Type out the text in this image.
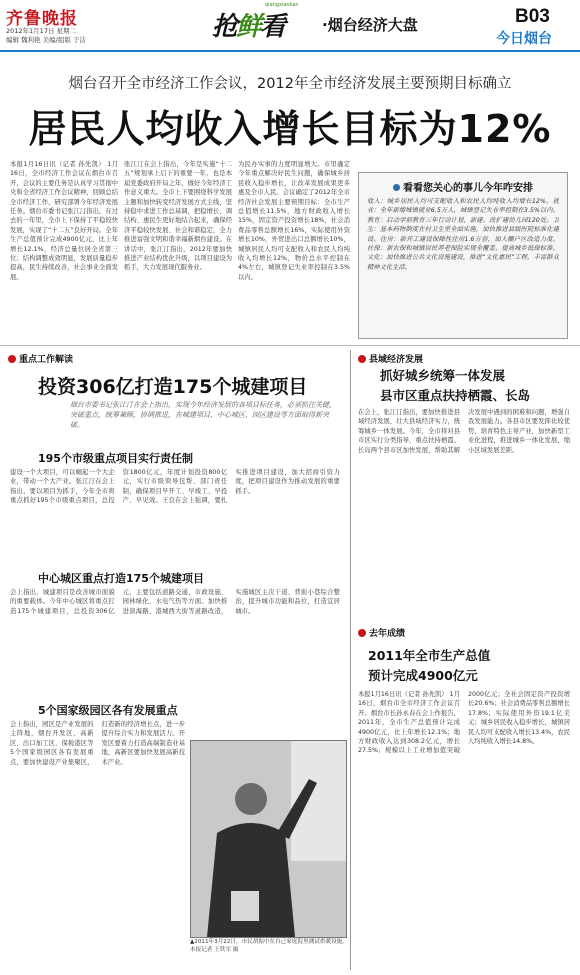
齐鲁晚报
2012年1月17日 星期二
编辑 魏利艳 美编/组版 于洁	抢鲜看
qiangxiankan
·烟台经济大盘	B03
今日烟台
烟台召开全市经济工作会议，2012年全市经济发展主要预期目标确立
居民人均收入增长目标为12%
本报1月16日讯（记者 孙先凯） 1月16日，全市经济工作会议在烟台市召开，会议的主要任务是认真学习贯彻中央和全省经济工作会议精神，回顾总结全市经济工作，研究部署今年经济发展任务。烟台市委书记张江汀指出，在过去的一年里，全市上下保持了平稳较快发展，实现了“十二五”良好开局。全年生产总值预计完成4900亿元，比上年增长12.1%，经济总量位居全省第三位；结构调整成效明显，发展质量稳步提高，民生持续改善，社会事业全面发展。
张江汀在会上指出，今年是实施“十二五”规划承上启下的重要一年，也是本届党委政府开局之年，做好今年经济工作意义重大。全市上下要围绕科学发展主题和加快转变经济发展方式主线，坚持稳中求进工作总基调，把稳增长、调结构、惠民生更好地结合起来，确保经济平稳较快发展、社会和谐稳定，全力推进富强文明和谐幸福新烟台建设。在讲话中，张江汀指出，2012年要加快推进产业结构优化升级，以项目建设为抓手，大力发展现代服务业。
为民办实事的力度明显增大。市里确定今年重点解决好民生问题，确保城乡居民收入稳步增长，让改革发展成果更多惠及全市人民。会议确定了2012年全市经济社会发展主要预期目标：全市生产总值增长11.5%，地方财政收入增长15%，固定资产投资增长18%，社会消费品零售总额增长16%，实际使用外资增长10%，外贸进出口总额增长10%，城镇居民人均可支配收入和农民人均纯收入均增长12%，物价总水平控制在4%左右，城镇登记失业率控制在3.5%以内。
看看您关心的事儿今年咋安排
收入：城乡居民人均可支配收入和农民人均纯收入均增长12%。就业：全年新增城镇就业6.5万人，城镇登记失业率控制在3.5%以内。教育：启动学前教育三年行动计划，新建、改扩建幼儿园120处。卫生：基本药物制度在村卫生室全面实施，加快推进县级医院标准化建设。住房：新开工建设保障性住房1.6万套，加大棚户区改造力度。社保：新农保和城镇居民养老保险实现全覆盖，提高城乡低保标准。文化：加快推进公共文化设施建设，推进“文化惠民”工程，丰富群众精神文化生活。
重点工作解读
投资306亿打造175个城建项目
烟台市委书记张江汀在会上指出，实现今年经济发展的各项目标任务，必须抓住关键，突破重点，统筹兼顾，协调推进，在城建项目、中心城区、园区建设等方面取得新突破。
195个市级重点项目实行责任制
建设一个大项目，可以崛起一个大企业，带动一个大产业。张江汀在会上指出，要以项目为抓手，今年全市将重点抓好195个市级重点项目，总投资1800亿元，年度计划投资800亿元，实行市级领导包帮、部门责任制，确保项目早开工、早竣工、早投产、早见效。王良在会上强调，要扎实推进项目建设，加大招商引资力度，把项目建设作为推动发展的重要抓手。
中心城区重点打造175个城建项目
会上指出，城建项目是改善城市面貌的重要载体。今年中心城区将重点打造175个城建项目，总投资306亿元，主要包括道路交通、市政设施、园林绿化、水电气热等方面。加快推进滨海路、港城西大街等道路改造，实施城区主次干道、背街小巷综合整治，提升城市功能和品位，打造宜居城市。
5个国家级园区各有发展重点
会上指出，园区是产业发展的主阵地，烟台开发区、高新区、出口加工区、保税港区等5个国家级园区各有发展重点，要加快建设产业集聚区，打造新的经济增长点，进一步提升综合实力和发展活力。开发区要着力打造高端制造业基地，高新区要加快发展高新技术产业。
▲2011年3月22日，市民胡振中在自己家庭院里测试供暖设施。本报记者 王铁军 摄
县域经济发展
抓好城乡统筹一体发展
县市区重点扶持栖霞、长岛
在会上，张江汀指出，要加快推进县域经济发展，壮大县域经济实力，统筹城乡一体发展。今年，全市将对县市区实行分类指导，重点扶持栖霞、长岛两个县市区加快发展，帮助其解决发展中遇到的困难和问题，增强自我发展能力。各县市区要发挥比较优势，培育特色主导产业，加快新型工业化进程，推进城乡一体化发展，缩小区域发展差距。
去年成绩
2011年全市生产总值
预计完成4900亿元
本报1月16日讯（记者 孙先凯） 1月16日，烟台市全市经济工作会议召开。烟台市长孙永春在会上作报告，2011年，全市生产总值预计完成4900亿元，比上年增长12.1%；地方财政收入达到308.2亿元，增长27.5%；规模以上工业增加值突破2000亿元；全社会固定资产投资增长20.6%；社会消费品零售总额增长17.8%；实际使用外资19.1亿美元；城乡居民收入稳步增长，城镇居民人均可支配收入增长13.4%，农民人均纯收入增长14.8%。
